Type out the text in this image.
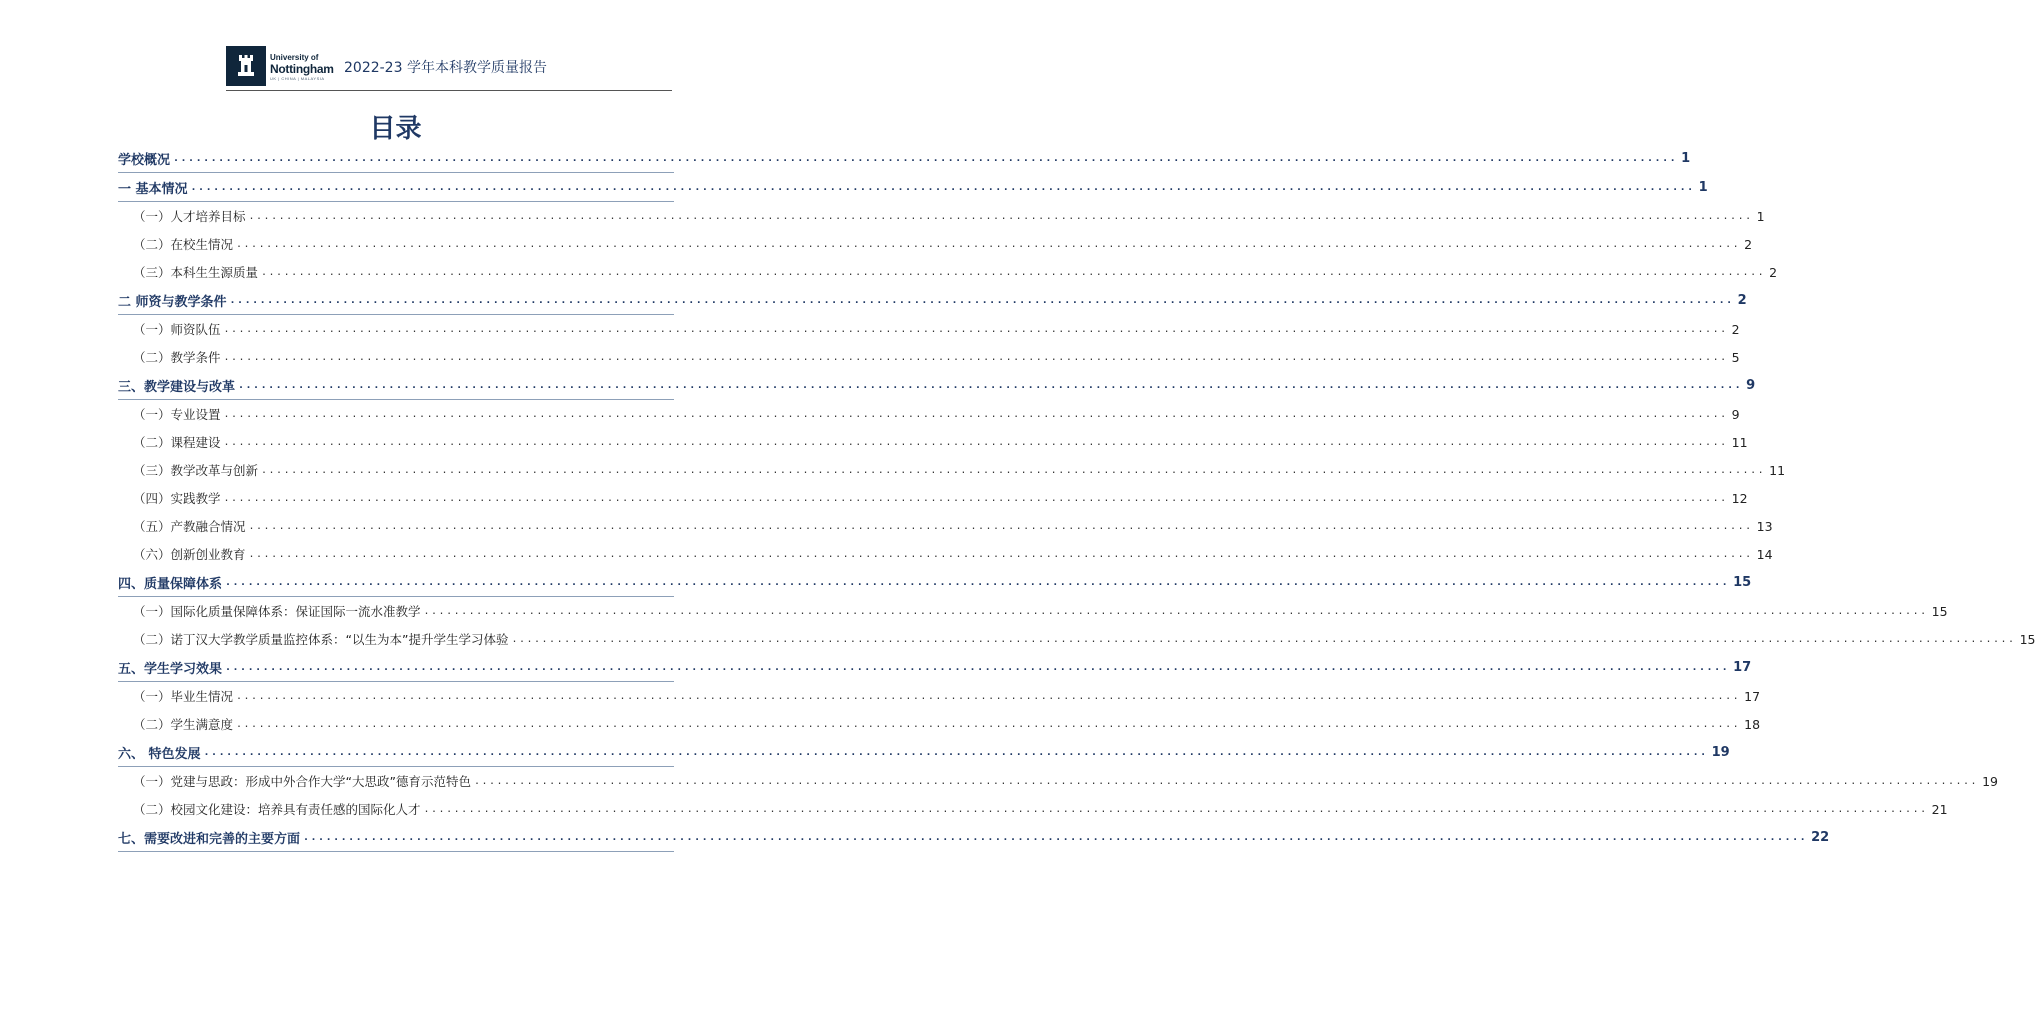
University of
Nottingham
UK | CHINA | MALAYSIA
2022-23 学年本科教学质量报告
目录
学校概况 ........................................................................................................................................................................................................ 1
一 基本情况 ........................................................................................................................................................................................................ 1
（一）人才培养目标 ........................................................................................................................................................................................................ 1
（二）在校生情况 ........................................................................................................................................................................................................ 2
（三）本科生生源质量 ........................................................................................................................................................................................................ 2
二 师资与教学条件 ........................................................................................................................................................................................................ 2
（一）师资队伍 ........................................................................................................................................................................................................ 2
（二）教学条件 ........................................................................................................................................................................................................ 5
三、教学建设与改革 ........................................................................................................................................................................................................ 9
（一）专业设置 ........................................................................................................................................................................................................ 9
（二）课程建设 ........................................................................................................................................................................................................ 11
（三）教学改革与创新 ........................................................................................................................................................................................................ 11
（四）实践教学 ........................................................................................................................................................................................................ 12
（五）产教融合情况 ........................................................................................................................................................................................................ 13
（六）创新创业教育 ........................................................................................................................................................................................................ 14
四、质量保障体系 ........................................................................................................................................................................................................ 15
（一）国际化质量保障体系：保证国际一流水准教学 ........................................................................................................................................................................................................ 15
（二）诺丁汉大学教学质量监控体系：“以生为本”提升学生学习体验 ........................................................................................................................................................................................................ 15
五、学生学习效果 ........................................................................................................................................................................................................ 17
（一）毕业生情况 ........................................................................................................................................................................................................ 17
（二）学生满意度 ........................................................................................................................................................................................................ 18
六、 特色发展 ........................................................................................................................................................................................................ 19
（一）党建与思政：形成中外合作大学“大思政”德育示范特色 ........................................................................................................................................................................................................ 19
（二）校园文化建设：培养具有责任感的国际化人才 ........................................................................................................................................................................................................ 21
七、需要改进和完善的主要方面 ........................................................................................................................................................................................................ 22
